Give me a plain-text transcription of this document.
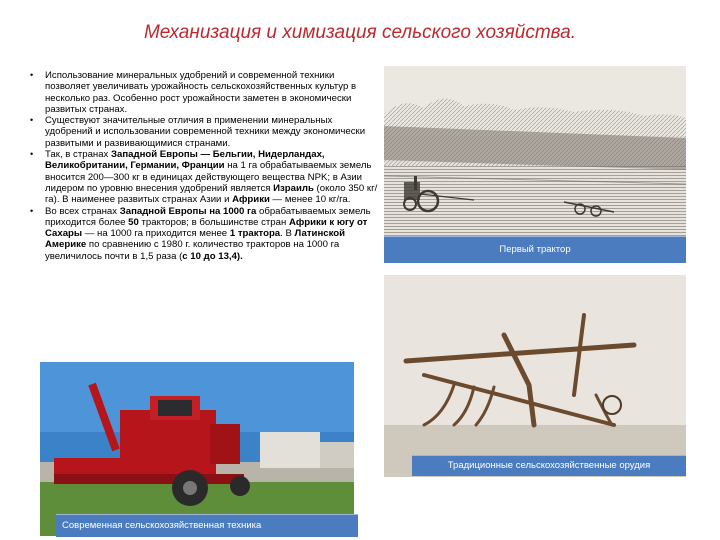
Механизация и химизация сельского хозяйства.
• Использование минеральных удобрений и современной техники позволяет увеличивать урожайность сельскохозяйственных культур в несколько раз. Особенно рост урожайности заметен в экономически развитых странах.
• Существуют значительные отличия в применении минеральных удобрений и использовании современной техники между экономически развитыми и развивающимися странами.
• Так, в странах Западной Европы — Бельгии, Нидерландах, Великобритании, Германии, Франции на 1 га обрабатываемых земель вносится 200—300 кг в единицах действующего вещества NPK; в Азии лидером по уровню внесения удобрений является Израиль (около 350 кг/га). В наименее развитых странах Азии и Африки — менее 10 кг/га.
• Во всех странах Западной Европы на 1000 га обрабатываемых земель приходится более 50 тракторов; в большинстве стран Африки к югу от Сахары — на 1000 га приходится менее 1 трактора. В Латинской Америке по сравнению с 1980 г. количество тракторов на 1000 га увеличилось почти в 1,5 раза (с 10 до 13,4).
Первый трактор
Традиционные сельскохозяйственные орудия
Современная сельскохозяйственная техника
